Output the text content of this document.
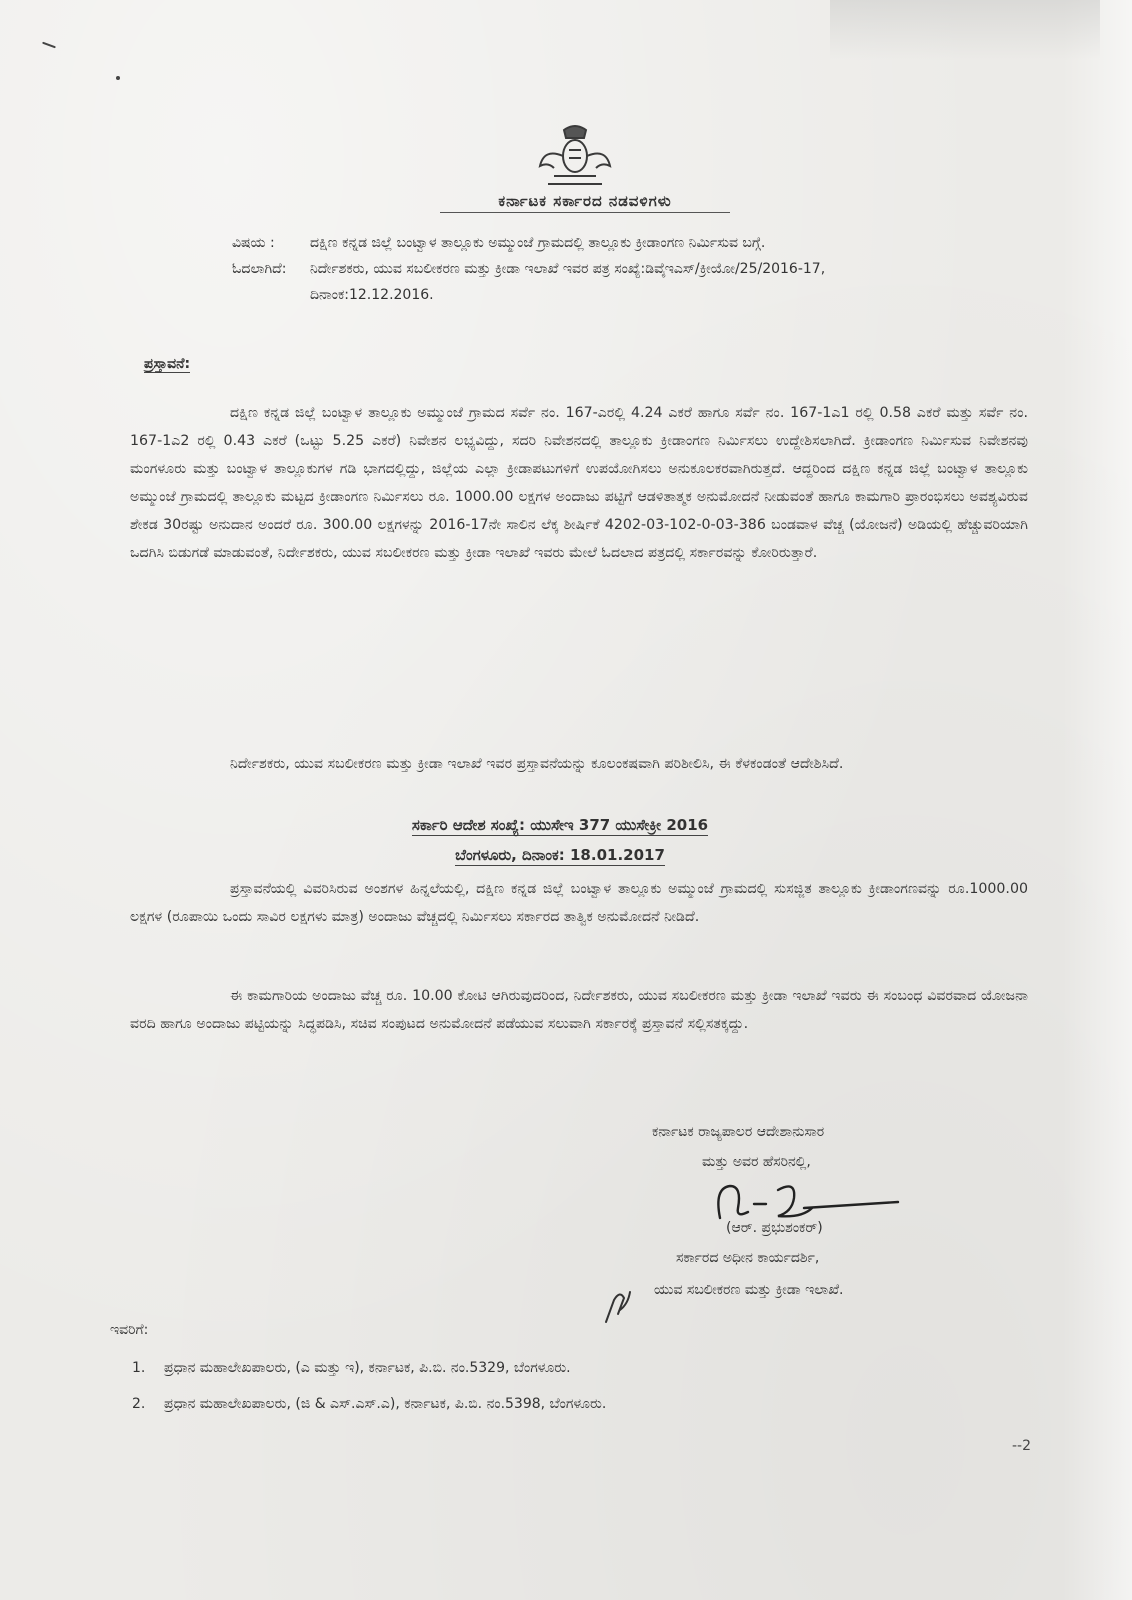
ಕರ್ನಾಟಕ ಸರ್ಕಾರದ ನಡವಳಿಗಳು
ವಿಷಯ :	ದಕ್ಷಿಣ ಕನ್ನಡ ಜಿಲ್ಲೆ ಬಂಟ್ವಾಳ ತಾಲ್ಲೂಕು ಅಮ್ಮುಂಜೆ ಗ್ರಾಮದಲ್ಲಿ ತಾಲ್ಲೂಕು ಕ್ರೀಡಾಂಗಣ ನಿರ್ಮಿಸುವ ಬಗ್ಗೆ.
ಓದಲಾಗಿದೆ:	ನಿರ್ದೇಶಕರು, ಯುವ ಸಬಲೀಕರಣ ಮತ್ತು ಕ್ರೀಡಾ ಇಲಾಖೆ ಇವರ ಪತ್ರ ಸಂಖ್ಯೆ:ಡಿವೈಇಎಸ್/ಕ್ರೀಯೋ/25/2016-17, ದಿನಾಂಕ:12.12.2016.
ಪ್ರಸ್ತಾವನೆ:
ದಕ್ಷಿಣ ಕನ್ನಡ ಜಿಲ್ಲೆ ಬಂಟ್ವಾಳ ತಾಲ್ಲೂಕು ಅಮ್ಮುಂಜೆ ಗ್ರಾಮದ ಸರ್ವೆ ನಂ. 167-ಎರಲ್ಲಿ 4.24 ಎಕರೆ ಹಾಗೂ ಸರ್ವೆ ನಂ. 167-1ಎ1 ರಲ್ಲಿ 0.58 ಎಕರೆ ಮತ್ತು ಸರ್ವೆ ನಂ. 167-1ಎ2 ರಲ್ಲಿ 0.43 ಎಕರೆ (ಒಟ್ಟು 5.25 ಎಕರೆ) ನಿವೇಶನ ಲಭ್ಯವಿದ್ದು, ಸದರಿ ನಿವೇಶನದಲ್ಲಿ ತಾಲ್ಲೂಕು ಕ್ರೀಡಾಂಗಣ ನಿರ್ಮಿಸಲು ಉದ್ದೇಶಿಸಲಾಗಿದೆ. ಕ್ರೀಡಾಂಗಣ ನಿರ್ಮಿಸುವ ನಿವೇಶನವು ಮಂಗಳೂರು ಮತ್ತು ಬಂಟ್ವಾಳ ತಾಲ್ಲೂಕುಗಳ ಗಡಿ ಭಾಗದಲ್ಲಿದ್ದು, ಜಿಲ್ಲೆಯ ಎಲ್ಲಾ ಕ್ರೀಡಾಪಟುಗಳಿಗೆ ಉಪಯೋಗಿಸಲು ಅನುಕೂಲಕರವಾಗಿರುತ್ತದೆ. ಆದ್ದರಿಂದ ದಕ್ಷಿಣ ಕನ್ನಡ ಜಿಲ್ಲೆ ಬಂಟ್ವಾಳ ತಾಲ್ಲೂಕು ಅಮ್ಮುಂಜೆ ಗ್ರಾಮದಲ್ಲಿ ತಾಲ್ಲೂಕು ಮಟ್ಟದ ಕ್ರೀಡಾಂಗಣ ನಿರ್ಮಿಸಲು ರೂ. 1000.00 ಲಕ್ಷಗಳ ಅಂದಾಜು ಪಟ್ಟಿಗೆ ಆಡಳಿತಾತ್ಮಕ ಅನುಮೋದನೆ ನೀಡುವಂತೆ ಹಾಗೂ ಕಾಮಗಾರಿ ಪ್ರಾರಂಭಿಸಲು ಅವಶ್ಯವಿರುವ ಶೇಕಡ 30ರಷ್ಟು ಅನುದಾನ ಅಂದರೆ ರೂ. 300.00 ಲಕ್ಷಗಳನ್ನು 2016-17ನೇ ಸಾಲಿನ ಲೆಕ್ಕ ಶೀರ್ಷಿಕೆ 4202-03-102-0-03-386 ಬಂಡವಾಳ ವೆಚ್ಚ (ಯೋಜನೆ) ಅಡಿಯಲ್ಲಿ ಹೆಚ್ಚುವರಿಯಾಗಿ ಒದಗಿಸಿ ಬಿಡುಗಡೆ ಮಾಡುವಂತೆ, ನಿರ್ದೇಶಕರು, ಯುವ ಸಬಲೀಕರಣ ಮತ್ತು ಕ್ರೀಡಾ ಇಲಾಖೆ ಇವರು ಮೇಲೆ ಓದಲಾದ ಪತ್ರದಲ್ಲಿ ಸರ್ಕಾರವನ್ನು ಕೋರಿರುತ್ತಾರೆ.
ನಿರ್ದೇಶಕರು, ಯುವ ಸಬಲೀಕರಣ ಮತ್ತು ಕ್ರೀಡಾ ಇಲಾಖೆ ಇವರ ಪ್ರಸ್ತಾವನೆಯನ್ನು ಕೂಲಂಕಷವಾಗಿ ಪರಿಶೀಲಿಸಿ, ಈ ಕೆಳಕಂಡಂತೆ ಆದೇಶಿಸಿದೆ.
ಸರ್ಕಾರಿ ಆದೇಶ ಸಂಖ್ಯೆ: ಯುಸೇಇ 377 ಯುಸೇಕ್ರೀ 2016
ಬೆಂಗಳೂರು, ದಿನಾಂಕ: 18.01.2017
ಪ್ರಸ್ತಾವನೆಯಲ್ಲಿ ವಿವರಿಸಿರುವ ಅಂಶಗಳ ಹಿನ್ನಲೆಯಲ್ಲಿ, ದಕ್ಷಿಣ ಕನ್ನಡ ಜಿಲ್ಲೆ ಬಂಟ್ವಾಳ ತಾಲ್ಲೂಕು ಅಮ್ಮುಂಜೆ ಗ್ರಾಮದಲ್ಲಿ ಸುಸಜ್ಜಿತ ತಾಲ್ಲೂಕು ಕ್ರೀಡಾಂಗಣವನ್ನು ರೂ.1000.00 ಲಕ್ಷಗಳ (ರೂಪಾಯಿ ಒಂದು ಸಾವಿರ ಲಕ್ಷಗಳು ಮಾತ್ರ) ಅಂದಾಜು ವೆಚ್ಚದಲ್ಲಿ ನಿರ್ಮಿಸಲು ಸರ್ಕಾರದ ತಾತ್ವಿಕ ಅನುಮೋದನೆ ನೀಡಿದೆ.
ಈ ಕಾಮಗಾರಿಯ ಅಂದಾಜು ವೆಚ್ಚ ರೂ. 10.00 ಕೋಟಿ ಆಗಿರುವುದರಿಂದ, ನಿರ್ದೇಶಕರು, ಯುವ ಸಬಲೀಕರಣ ಮತ್ತು ಕ್ರೀಡಾ ಇಲಾಖೆ ಇವರು ಈ ಸಂಬಂಧ ವಿವರವಾದ ಯೋಜನಾ ವರದಿ ಹಾಗೂ ಅಂದಾಜು ಪಟ್ಟಿಯನ್ನು ಸಿದ್ಧಪಡಿಸಿ, ಸಚಿವ ಸಂಪುಟದ ಅನುಮೋದನೆ ಪಡೆಯುವ ಸಲುವಾಗಿ ಸರ್ಕಾರಕ್ಕೆ ಪ್ರಸ್ತಾವನೆ ಸಲ್ಲಿಸತಕ್ಕದ್ದು.
ಕರ್ನಾಟಕ ರಾಜ್ಯಪಾಲರ ಆದೇಶಾನುಸಾರ
ಮತ್ತು ಅವರ ಹೆಸರಿನಲ್ಲಿ,
(ಆರ್. ಪ್ರಭುಶಂಕರ್)
ಸರ್ಕಾರದ ಅಧೀನ ಕಾರ್ಯದರ್ಶಿ,
ಯುವ ಸಬಲೀಕರಣ ಮತ್ತು ಕ್ರೀಡಾ ಇಲಾಖೆ.
ಇವರಿಗೆ:
1.	ಪ್ರಧಾನ ಮಹಾಲೇಖಪಾಲರು, (ಎ ಮತ್ತು ಇ), ಕರ್ನಾಟಕ, ಪಿ.ಬಿ. ನಂ.5329, ಬೆಂಗಳೂರು.
2.	ಪ್ರಧಾನ ಮಹಾಲೇಖಪಾಲರು, (ಜಿ & ಎಸ್.ಎಸ್.ಎ), ಕರ್ನಾಟಕ, ಪಿ.ಬಿ. ನಂ.5398, ಬೆಂಗಳೂರು.
--2
